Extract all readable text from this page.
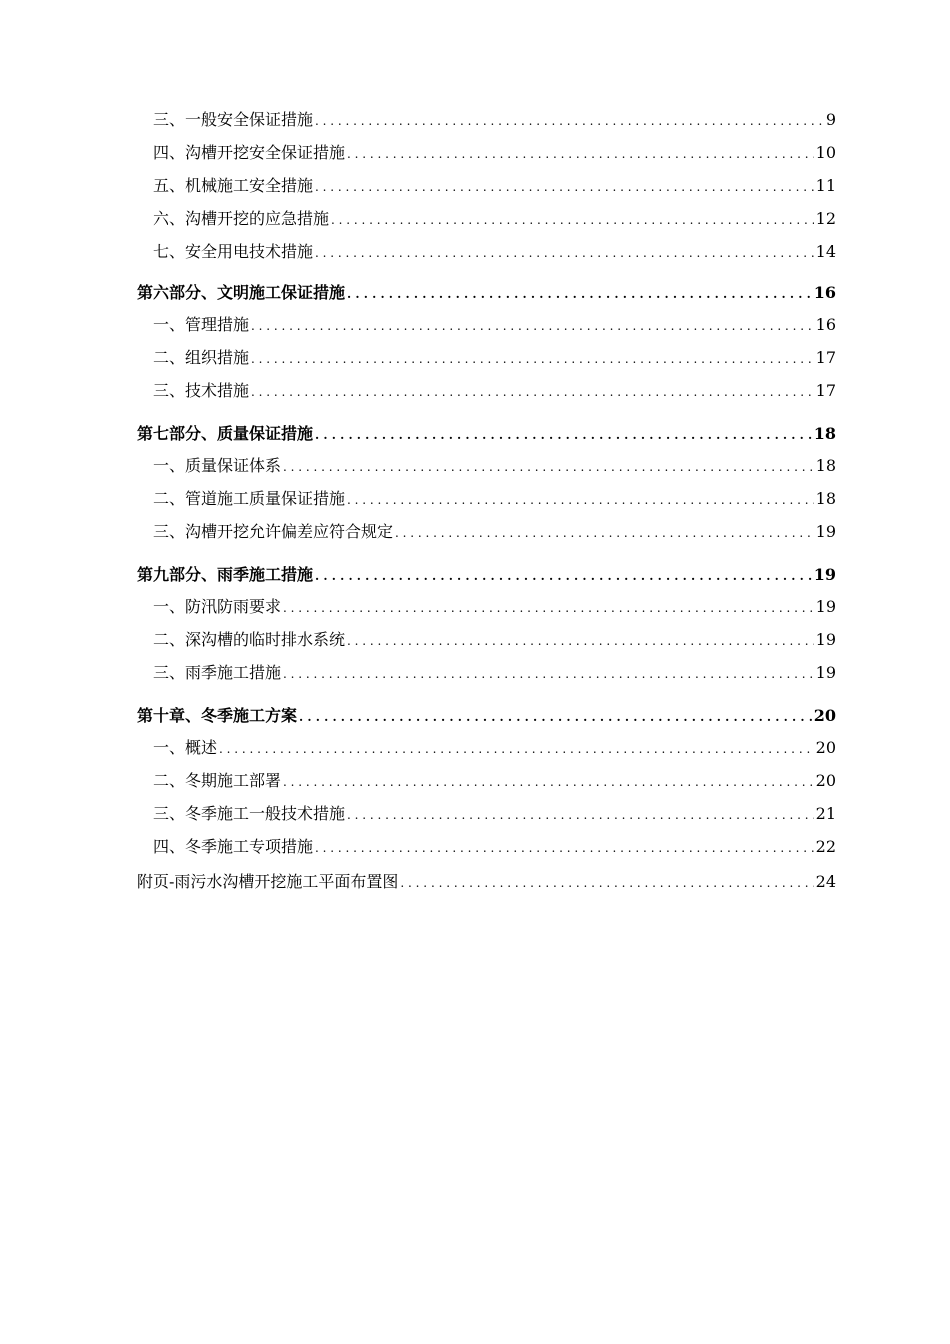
三、一般安全保证措施 . . .	9
四、沟槽开挖安全保证措施 . . .	10
五、机械施工安全措施 . . .	11
六、沟槽开挖的应急措施 . . .	12
七、安全用电技术措施 . . .	14
第六部分、文明施工保证措施 . . .	16
一、管理措施 . . .	16
二、组织措施 . . .	17
三、技术措施 . . .	17
第七部分、质量保证措施 . . .	18
一、质量保证体系 . . .	18
二、管道施工质量保证措施 . . .	18
三、沟槽开挖允许偏差应符合规定 . . .	19
第九部分、雨季施工措施 . . .	19
一、防汛防雨要求 . . .	19
二、深沟槽的临时排水系统 . . .	19
三、雨季施工措施 . . .	19
第十章、冬季施工方案 . . .	20
一、概述 . . .	20
二、冬期施工部署 . . .	20
三、冬季施工一般技术措施 . . .	21
四、冬季施工专项措施 . . .	22
附页-雨污水沟槽开挖施工平面布置图 . . .	24
